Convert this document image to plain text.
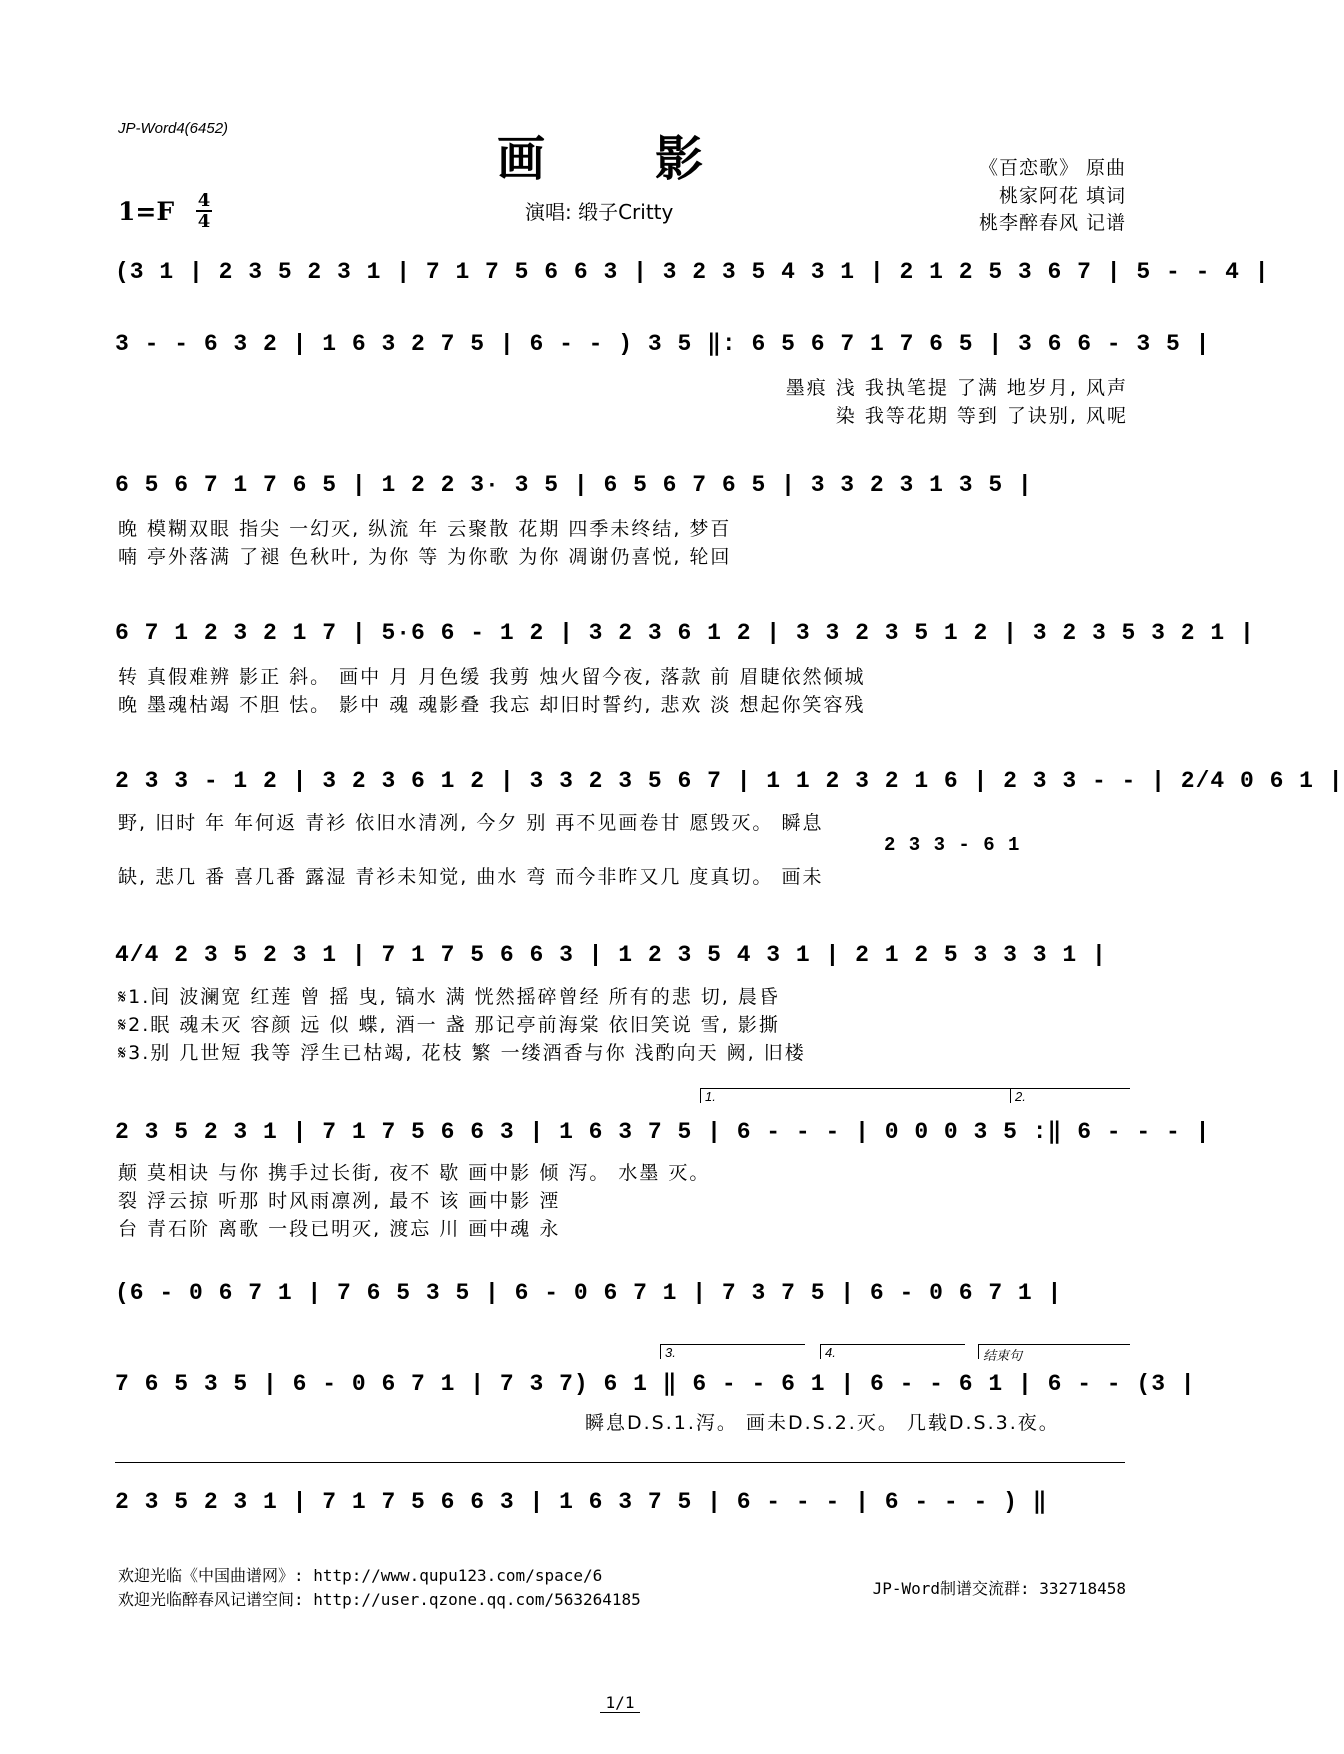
JP-Word4(6452)
画影
1=F 4
4	演唱: 缎子Critty
《百恋歌》 原曲
桃家阿花 填词
桃李醉春风 记谱
(3 1 | 2 3 5 2 3 1 | 7 1 7 5 6 6 3 | 3 2 3 5 4 3 1 | 2 1 2 5 3 6 7 | 5 - - 4 |
3 - - 6 3 2 | 1 6 3 2 7 5 | 6 - - ) 3 5 ‖: 6 5 6 7 1 7 6 5 | 3 6 6 - 3 5 |
墨痕 浅 我执笔提 了满 地岁月, 风声
染 我等花期 等到 了诀别, 风呢
6 5 6 7 1 7 6 5 | 1 2 2 3· 3 5 | 6 5 6 7 6 5 | 3 3 2 3 1 3 5 |
晚 模糊双眼 指尖 一幻灭, 纵流 年 云聚散 花期 四季未终结, 梦百
喃 亭外落满 了褪 色秋叶, 为你 等 为你歌 为你 凋谢仍喜悦, 轮回
6 7 1 2 3 2 1 7 | 5·6 6 - 1 2 | 3 2 3 6 1 2 | 3 3 2 3 5 1 2 | 3 2 3 5 3 2 1 |
转 真假难辨 影正 斜。 画中 月 月色缓 我剪 烛火留今夜, 落款 前 眉睫依然倾城
晚 墨魂枯竭 不胆 怯。 影中 魂 魂影叠 我忘 却旧时誓约, 悲欢 淡 想起你笑容残
2 3 3 - 1 2 | 3 2 3 6 1 2 | 3 3 2 3 5 6 7 | 1 1 2 3 2 1 6 | 2 3 3 - - | 2/4 0 6 1 |
野, 旧时 年 年何返 青衫 依旧水清冽, 今夕 别 再不见画卷甘 愿毁灭。 瞬息
2 3 3 - 6 1
缺, 悲几 番 喜几番 露湿 青衫未知觉, 曲水 弯 而今非昨又几 度真切。 画未
4/4 2 3 5 2 3 1 | 7 1 7 5 6 6 3 | 1 2 3 5 4 3 1 | 2 1 2 5 3 3 3 1 |
𝄋1.间 波澜宽 红莲 曾 摇 曳, 镐水 满 恍然摇碎曾经 所有的悲 切, 晨昏
𝄋2.眠 魂未灭 容颜 远 似 蝶, 酒一 盏 那记亭前海棠 依旧笑说 雪, 影撕
𝄋3.别 几世短 我等 浮生已枯竭, 花枝 繁 一缕酒香与你 浅酌向天 阙, 旧楼
1.	2.
2 3 5 2 3 1 | 7 1 7 5 6 6 3 | 1 6 3 7 5 | 6 - - - | 0 0 0 3 5 :‖ 6 - - - |
颠 莫相诀 与你 携手过长街, 夜不 歇 画中影 倾 泻。 水墨 灭。
裂 浮云掠 听那 时风雨凛冽, 最不 该 画中影 湮
台 青石阶 离歌 一段已明灭, 渡忘 川 画中魂 永
(6 - 0 6 7 1 | 7 6 5 3 5 | 6 - 0 6 7 1 | 7 3 7 5 | 6 - 0 6 7 1 |
3.	4.	结束句
7 6 5 3 5 | 6 - 0 6 7 1 | 7 3 7) 6 1 ‖ 6 - - 6 1 | 6 - - 6 1 | 6 - - (3 |
瞬息D.S.1.泻。 画未D.S.2.灭。 几载D.S.3.夜。
2 3 5 2 3 1 | 7 1 7 5 6 6 3 | 1 6 3 7 5 | 6 - - - | 6 - - - ) ‖
欢迎光临《中国曲谱网》: http://www.qupu123.com/space/6
欢迎光临醉春风记谱空间: http://user.qzone.qq.com/563264185
JP-Word制谱交流群: 332718458
1/1
